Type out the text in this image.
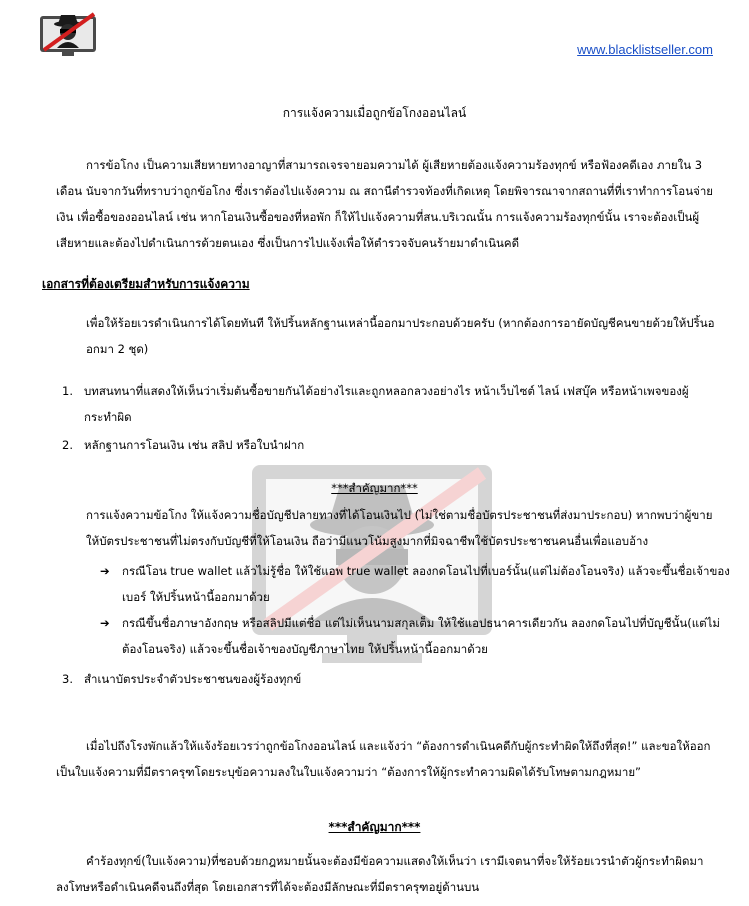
www.blacklistseller.com
การแจ้งความเมื่อถูกข้อโกงออนไลน์

การข้อโกง เป็นความเสียหายทางอาญาที่สามารถเจรจายอมความได้ ผู้เสียหายต้องแจ้งความร้องทุกข์ หรือฟ้องคดีเอง ภายใน 3 เดือน นับจากวันที่ทราบว่าถูกข้อโกง ซึ่งเราต้องไปแจ้งความ ณ สถานีตำรวจท้องที่เกิดเหตุ โดยพิจารณาจากสถานที่ที่เราทำการโอนจ่ายเงิน เพื่อซื้อของออนไลน์ เช่น หากโอนเงินซื้อของที่หอพัก ก็ให้ไปแจ้งความที่สน.บริเวณนั้น การแจ้งความร้องทุกข์นั้น เราจะต้องเป็นผู้เสียหายและต้องไปดำเนินการด้วยตนเอง ซึ่งเป็นการไปแจ้งเพื่อให้ตำรวจจับคนร้ายมาดำเนินคดี

เอกสารที่ต้องเตรียมสำหรับการแจ้งความ

เพื่อให้ร้อยเวรดำเนินการได้โดยทันที ให้ปริ้นหลักฐานเหล่านี้ออกมาประกอบด้วยครับ (หากต้องการอายัดบัญชีคนขายด้วยให้ปริ้นออกมา 2 ชุด)

1. บทสนทนาที่แสดงให้เห็นว่าเริ่มต้นซื้อขายกันได้อย่างไรและถูกหลอกลวงอย่างไร หน้าเว็บไซต์ ไลน์ เฟสบุ๊ค หรือหน้าเพจของผู้กระทำผิด
2. หลักฐานการโอนเงิน เช่น สลิป หรือใบนำฝาก
***สำคัญมาก***

การแจ้งความข้อโกง ให้แจ้งความชื่อบัญชีปลายทางที่ได้โอนเงินไป (ไม่ใช่ตามชื่อบัตรประชาชนที่ส่งมาประกอบ) หากพบว่าผู้ขายให้บัตรประชาชนที่ไม่ตรงกับบัญชีที่ให้โอนเงิน ถือว่ามีแนวโน้มสูงมากที่มิจฉาชีพใช้บัตรประชาชนคนอื่นเพื่อแอบอ้าง

➔ กรณีโอน true wallet แล้วไม่รู้ชื่อ ให้ใช้แอพ true wallet ลองกดโอนไปที่เบอร์นั้น(แต่ไม่ต้องโอนจริง) แล้วจะขึ้นชื่อเจ้าของเบอร์ ให้ปริ้นหน้านี้ออกมาด้วย
➔ กรณีขึ้นชื่อภาษาอังกฤษ หรือสลิปมีแต่ชื่อ แต่ไม่เห็นนามสกุลเต็ม ให้ใช้แอปธนาคารเดียวกัน ลองกดโอนไปที่บัญชีนั้น(แต่ไม่ต้องโอนจริง) แล้วจะขึ้นชื่อเจ้าของบัญชีภาษาไทย ให้ปริ้นหน้านี้ออกมาด้วย
3. สำเนาบัตรประจำตัวประชาชนของผู้ร้องทุกข์

เมื่อไปถึงโรงพักแล้วให้แจ้งร้อยเวรว่าถูกข้อโกงออนไลน์ และแจ้งว่า “ต้องการดำเนินคดีกับผู้กระทำผิดให้ถึงที่สุด!” และขอให้ออกเป็นใบแจ้งความที่มีตราครุฑโดยระบุข้อความลงในใบแจ้งความว่า “ต้องการให้ผู้กระทำความผิดได้รับโทษตามกฎหมาย”

***สำคัญมาก***

คำร้องทุกข์(ใบแจ้งความ)ที่ชอบด้วยกฎหมายนั้นจะต้องมีข้อความแสดงให้เห็นว่า เรามีเจตนาที่จะให้ร้อยเวรนำตัวผู้กระทำผิดมาลงโทษหรือดำเนินคดีจนถึงที่สุด โดยเอกสารที่ได้จะต้องมีลักษณะที่มีตราครุฑอยู่ด้านบน
